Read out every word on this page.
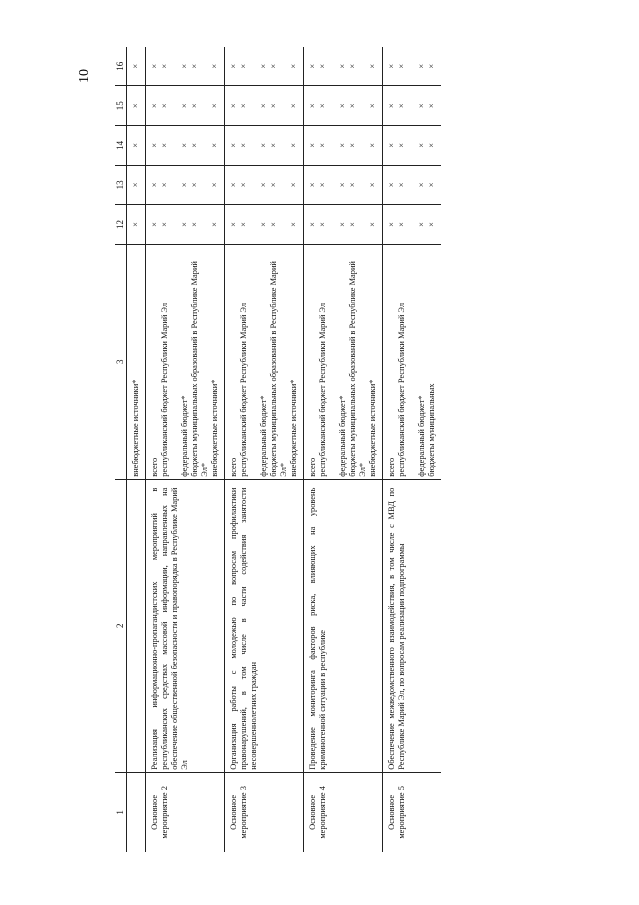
10
1	2	3	12	13	14	15	16

		внебюджетные источники*	×	×	×	×	×

Основное мероприятие 2	Реализация информационно-пропагандистских мероприятий в республиканских средствах массовой информации, направленных на обеспечение общественной безопасности и правопорядка в Республике Марий Эл	всего республиканский бюджет Республики Марий Эл федеральный бюджет* бюджеты муниципальных образований в Республике Марий Эл* внебюджетные источники*	× × × × ×	× × × × ×	× × × × ×	× × × × ×	× × × × ×

Основное мероприятие 3	Организация работы с молодежью по вопросам профилактики правонарушений, в том числе в части содействия занятости несовершеннолетних граждан	всего республиканский бюджет Республики Марий Эл федеральный бюджет* бюджеты муниципальных образований в Республике Марий Эл* внебюджетные источники*	× × × × ×	× × × × ×	× × × × ×	× × × × ×	× × × × ×

Основное мероприятие 4	Проведение мониторинга факторов риска, влияющих на уровень криминогенной ситуации в республике	всего республиканский бюджет Республики Марий Эл федеральный бюджет* бюджеты муниципальных образований в Республике Марий Эл* внебюджетные источники*	× × × × ×	× × × × ×	× × × × ×	× × × × ×	× × × × ×

Основное мероприятие 5	Обеспечение межведомственного взаимодействия, в том числе с МВД по Республике Марий Эл, по вопросам реализации подпрограммы	всего республиканский бюджет Республики Марий Эл федеральный бюджет* бюджеты муниципальных	× × × ×	× × × ×	× × × ×	× × × ×	× × × ×
